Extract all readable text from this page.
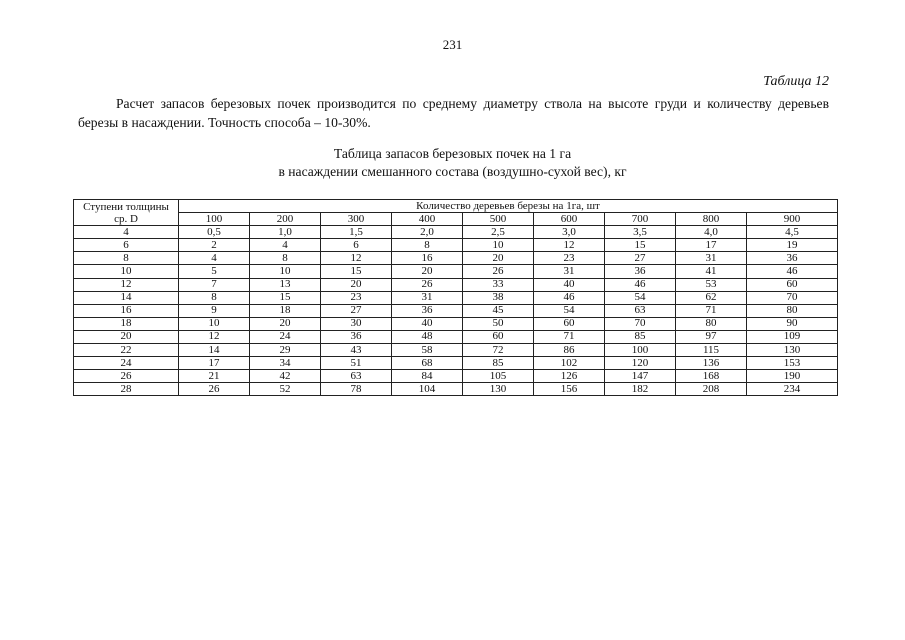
231
Таблица 12
Расчет запасов березовых почек производится по среднему диаметру ствола на высоте груди и количеству деревьев березы в насаждении. Точность способа – 10-30%.
Таблица запасов березовых почек на 1 га
в насаждении смешанного состава (воздушно-сухой вес), кг
Ступени толщины
ср. D	Количество деревьев березы на 1га, шт								
	100	200	300	400	500	600	700	800	900
4	0,5	1,0	1,5	2,0	2,5	3,0	3,5	4,0	4,5
6	2	4	6	8	10	12	15	17	19
8	4	8	12	16	20	23	27	31	36
10	5	10	15	20	26	31	36	41	46
12	7	13	20	26	33	40	46	53	60
14	8	15	23	31	38	46	54	62	70
16	9	18	27	36	45	54	63	71	80
18	10	20	30	40	50	60	70	80	90
20	12	24	36	48	60	71	85	97	109
22	14	29	43	58	72	86	100	115	130
24	17	34	51	68	85	102	120	136	153
26	21	42	63	84	105	126	147	168	190
28	26	52	78	104	130	156	182	208	234
